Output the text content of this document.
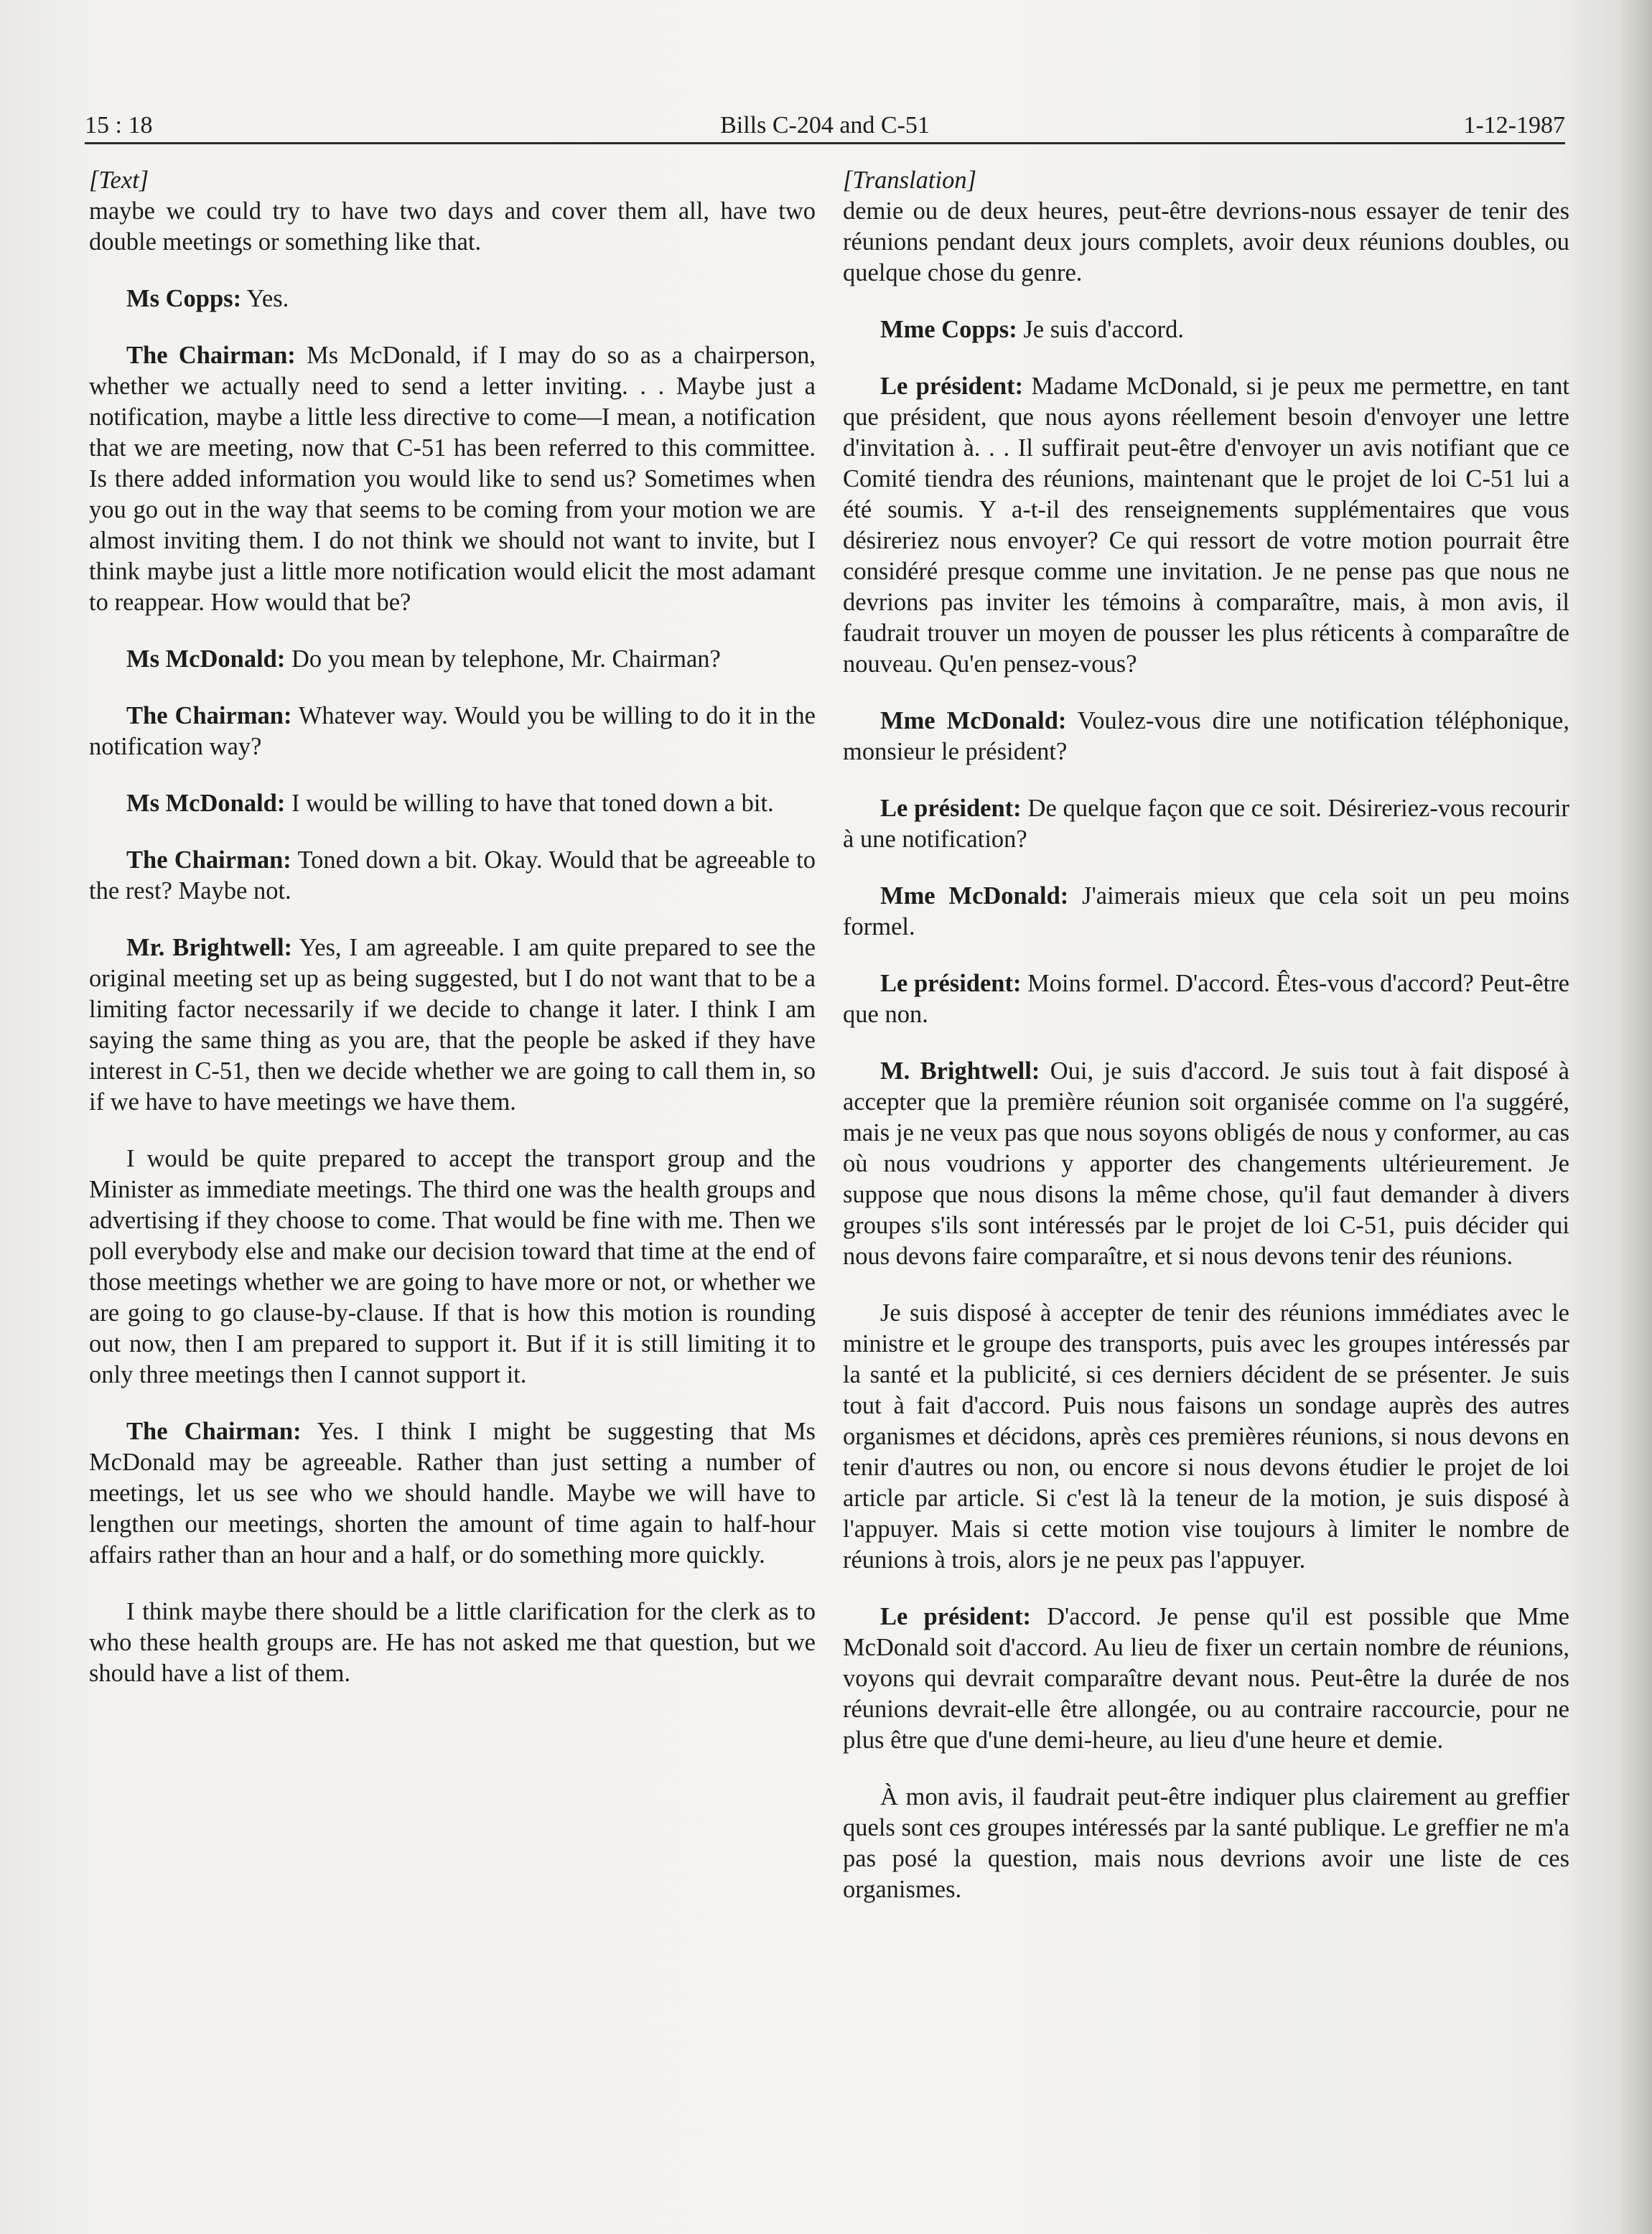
15 : 18	Bills C-204 and C-51	1-12-1987
[Text]

maybe we could try to have two days and cover them all, have two double meetings or something like that.

Ms Copps: Yes.

The Chairman: Ms McDonald, if I may do so as a chairperson, whether we actually need to send a letter inviting. . . Maybe just a notification, maybe a little less directive to come—I mean, a notification that we are meeting, now that C-51 has been referred to this committee. Is there added information you would like to send us? Sometimes when you go out in the way that seems to be coming from your motion we are almost inviting them. I do not think we should not want to invite, but I think maybe just a little more notification would elicit the most adamant to reappear. How would that be?

Ms McDonald: Do you mean by telephone, Mr. Chairman?

The Chairman: Whatever way. Would you be willing to do it in the notification way?

Ms McDonald: I would be willing to have that toned down a bit.

The Chairman: Toned down a bit. Okay. Would that be agreeable to the rest? Maybe not.

Mr. Brightwell: Yes, I am agreeable. I am quite prepared to see the original meeting set up as being suggested, but I do not want that to be a limiting factor necessarily if we decide to change it later. I think I am saying the same thing as you are, that the people be asked if they have interest in C-51, then we decide whether we are going to call them in, so if we have to have meetings we have them.

I would be quite prepared to accept the transport group and the Minister as immediate meetings. The third one was the health groups and advertising if they choose to come. That would be fine with me. Then we poll everybody else and make our decision toward that time at the end of those meetings whether we are going to have more or not, or whether we are going to go clause-by-clause. If that is how this motion is rounding out now, then I am prepared to support it. But if it is still limiting it to only three meetings then I cannot support it.

The Chairman: Yes. I think I might be suggesting that Ms McDonald may be agreeable. Rather than just setting a number of meetings, let us see who we should handle. Maybe we will have to lengthen our meetings, shorten the amount of time again to half-hour affairs rather than an hour and a half, or do something more quickly.

I think maybe there should be a little clarification for the clerk as to who these health groups are. He has not asked me that question, but we should have a list of them.

[Translation]

demie ou de deux heures, peut-être devrions-nous essayer de tenir des réunions pendant deux jours complets, avoir deux réunions doubles, ou quelque chose du genre.

Mme Copps: Je suis d'accord.

Le président: Madame McDonald, si je peux me permettre, en tant que président, que nous ayons réellement besoin d'envoyer une lettre d'invitation à. . . Il suffirait peut-être d'envoyer un avis notifiant que ce Comité tiendra des réunions, maintenant que le projet de loi C-51 lui a été soumis. Y a-t-il des renseignements supplémentaires que vous désireriez nous envoyer? Ce qui ressort de votre motion pourrait être considéré presque comme une invitation. Je ne pense pas que nous ne devrions pas inviter les témoins à comparaître, mais, à mon avis, il faudrait trouver un moyen de pousser les plus réticents à comparaître de nouveau. Qu'en pensez-vous?

Mme McDonald: Voulez-vous dire une notification téléphonique, monsieur le président?

Le président: De quelque façon que ce soit. Désireriez-vous recourir à une notification?

Mme McDonald: J'aimerais mieux que cela soit un peu moins formel.

Le président: Moins formel. D'accord. Êtes-vous d'accord? Peut-être que non.

M. Brightwell: Oui, je suis d'accord. Je suis tout à fait disposé à accepter que la première réunion soit organisée comme on l'a suggéré, mais je ne veux pas que nous soyons obligés de nous y conformer, au cas où nous voudrions y apporter des changements ultérieurement. Je suppose que nous disons la même chose, qu'il faut demander à divers groupes s'ils sont intéressés par le projet de loi C-51, puis décider qui nous devons faire comparaître, et si nous devons tenir des réunions.

Je suis disposé à accepter de tenir des réunions immédiates avec le ministre et le groupe des transports, puis avec les groupes intéressés par la santé et la publicité, si ces derniers décident de se présenter. Je suis tout à fait d'accord. Puis nous faisons un sondage auprès des autres organismes et décidons, après ces premières réunions, si nous devons en tenir d'autres ou non, ou encore si nous devons étudier le projet de loi article par article. Si c'est là la teneur de la motion, je suis disposé à l'appuyer. Mais si cette motion vise toujours à limiter le nombre de réunions à trois, alors je ne peux pas l'appuyer.

Le président: D'accord. Je pense qu'il est possible que Mme McDonald soit d'accord. Au lieu de fixer un certain nombre de réunions, voyons qui devrait comparaître devant nous. Peut-être la durée de nos réunions devrait-elle être allongée, ou au contraire raccourcie, pour ne plus être que d'une demi-heure, au lieu d'une heure et demie.

À mon avis, il faudrait peut-être indiquer plus clairement au greffier quels sont ces groupes intéressés par la santé publique. Le greffier ne m'a pas posé la question, mais nous devrions avoir une liste de ces organismes.
